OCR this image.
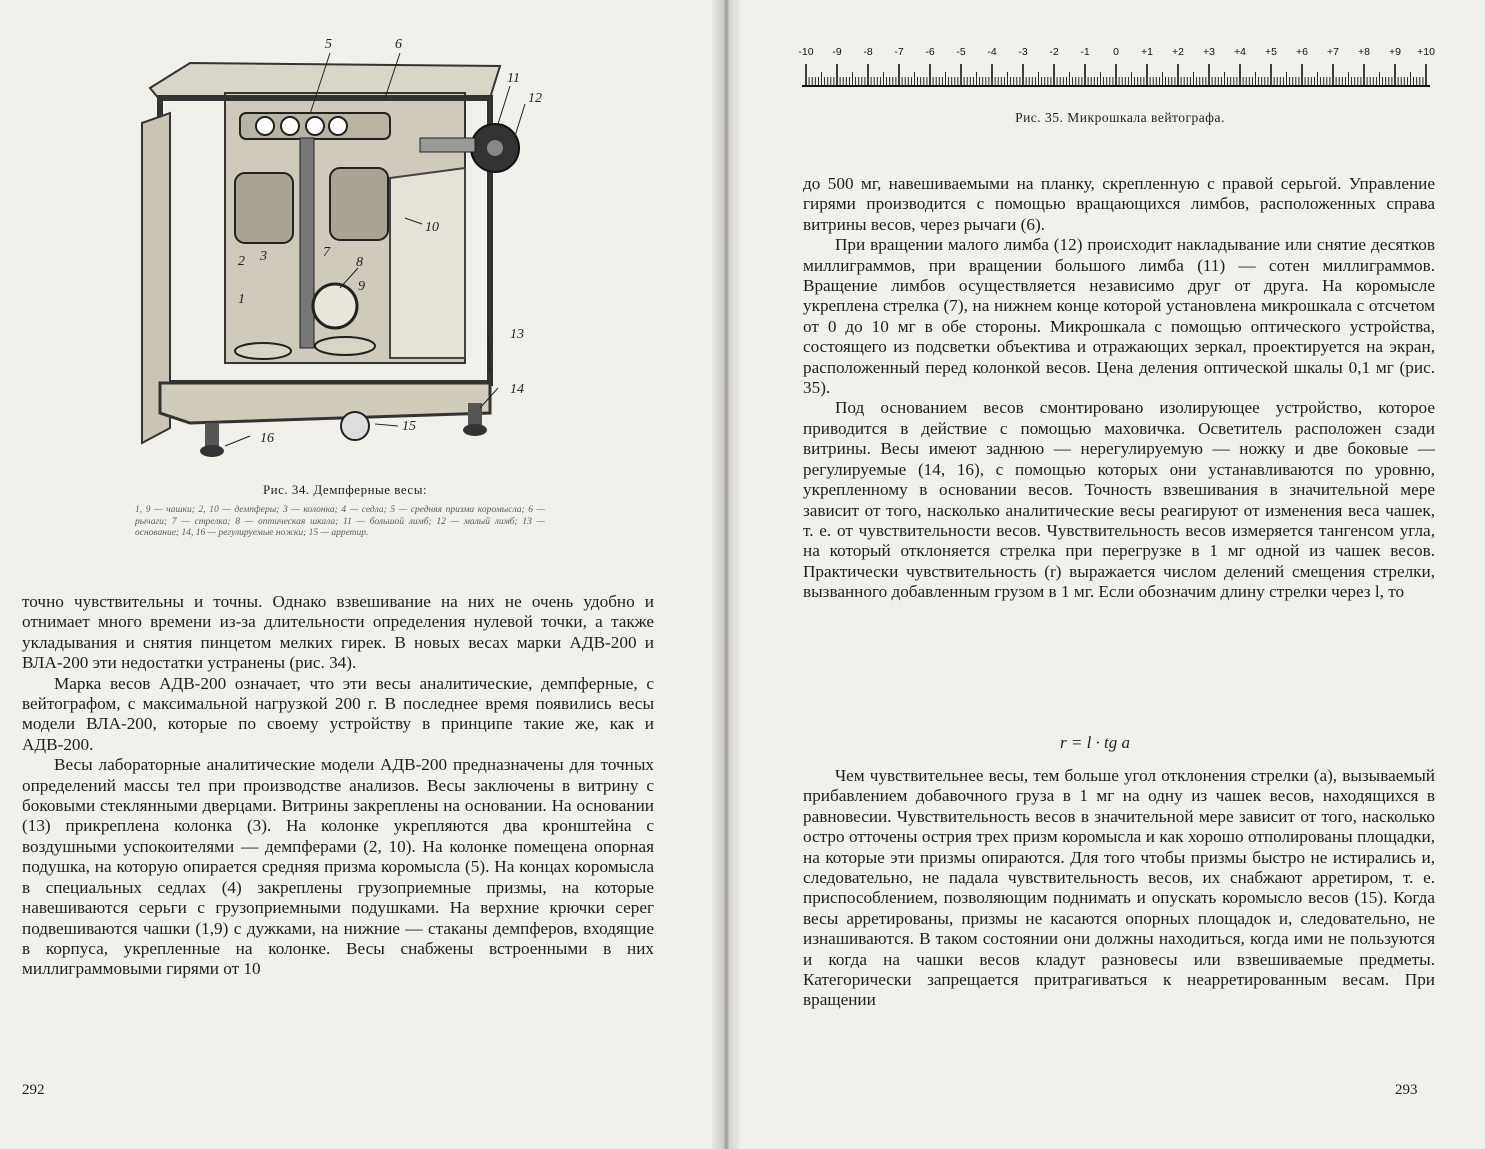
5	6
11
12
10
2 3	7
8
9
1
13
14
15
16
Рис. 34. Демпферные весы:
1, 9 — чашки; 2, 10 — демпферы; 3 — колонка; 4 — седла; 5 — средняя призма коромысла; 6 — рычаги; 7 — стрелка; 8 — оптическая шкала; 11 — большой лимб; 12 — малый лимб; 13 — основание; 14, 16 — регулируемые ножки; 15 — арретир.

точно чувствительны и точны. Однако взвешивание на них не очень удобно и отнимает много времени из-за длительности определения нулевой точки, а также укладывания и снятия пинцетом мелких гирек. В новых весах марки АДВ-200 и ВЛА-200 эти недостатки устранены (рис. 34).

Марка весов АДВ-200 означает, что эти весы аналитические, демпферные, с вейтографом, с максимальной нагрузкой 200 г. В последнее время появились весы модели ВЛА-200, которые по своему устройству в принципе такие же, как и АДВ-200.

Весы лабораторные аналитические модели АДВ-200 предназначены для точных определений массы тел при производстве анализов. Весы заключены в витрину с боковыми стеклянными дверцами. Витрины закреплены на основании. На основании (13) прикреплена колонка (3). На колонке укрепляются два кронштейна с воздушными успокоителями — демпферами (2, 10). На колонке помещена опорная подушка, на которую опирается средняя призма коромысла (5). На концах коромысла в специальных седлах (4) закреплены грузоприемные призмы, на которые навешиваются серьги с грузоприемными подушками. На верхние крючки серег подвешиваются чашки (1,9) с дужками, на нижние — стаканы демпферов, входящие в корпуса, укрепленные на колонке. Весы снабжены встроенными в них миллиграммовыми гирями от 10

292
-10 -9 -8 -7 -6 -5 -4 -3 -2 -1 0 +1 +2 +3 +4 +5 +6 +7 +8 +9 +10
Рис. 35. Микрошкала вейтографа.

до 500 мг, навешиваемыми на планку, скрепленную с правой серьгой. Управление гирями производится с помощью вращающихся лимбов, расположенных справа витрины весов, через рычаги (6).

При вращении малого лимба (12) происходит накладывание или снятие десятков миллиграммов, при вращении большого лимба (11) — сотен миллиграммов. Вращение лимбов осуществляется независимо друг от друга. На коромысле укреплена стрелка (7), на нижнем конце которой установлена микрошкала с отсчетом от 0 до 10 мг в обе стороны. Микрошкала с помощью оптического устройства, состоящего из подсветки объектива и отражающих зеркал, проектируется на экран, расположенный перед колонкой весов. Цена деления оптической шкалы 0,1 мг (рис. 35).

Под основанием весов смонтировано изолирующее устройство, которое приводится в действие с помощью маховичка. Осветитель расположен сзади витрины. Весы имеют заднюю — нерегулируемую — ножку и две боковые — регулируемые (14, 16), с помощью которых они устанавливаются по уровню, укрепленному в основании весов. Точность взвешивания в значительной мере зависит от того, насколько аналитические весы реагируют от изменения веса чашек, т. е. от чувствительности весов. Чувствительность весов измеряется тангенсом угла, на который отклоняется стрелка при перегрузке в 1 мг одной из чашек весов. Практически чувствительность (r) выражается числом делений смещения стрелки, вызванного добавленным грузом в 1 мг. Если обозначим длину стрелки через l, то

r = l · tg a

Чем чувствительнее весы, тем больше угол отклонения стрелки (a), вызываемый прибавлением добавочного груза в 1 мг на одну из чашек весов, находящихся в равновесии. Чувствительность весов в значительной мере зависит от того, насколько остро отточены острия трех призм коромысла и как хорошо отполированы площадки, на которые эти призмы опираются. Для того чтобы призмы быстро не истирались и, следовательно, не падала чувствительность весов, их снабжают арретиром, т. е. приспособлением, позволяющим поднимать и опускать коромысло весов (15). Когда весы арретированы, призмы не касаются опорных площадок и, следовательно, не изнашиваются. В таком состоянии они должны находиться, когда ими не пользуются и когда на чашки весов кладут разновесы или взвешиваемые предметы. Категорически запрещается притрагиваться к неарретированным весам. При вращении

293
